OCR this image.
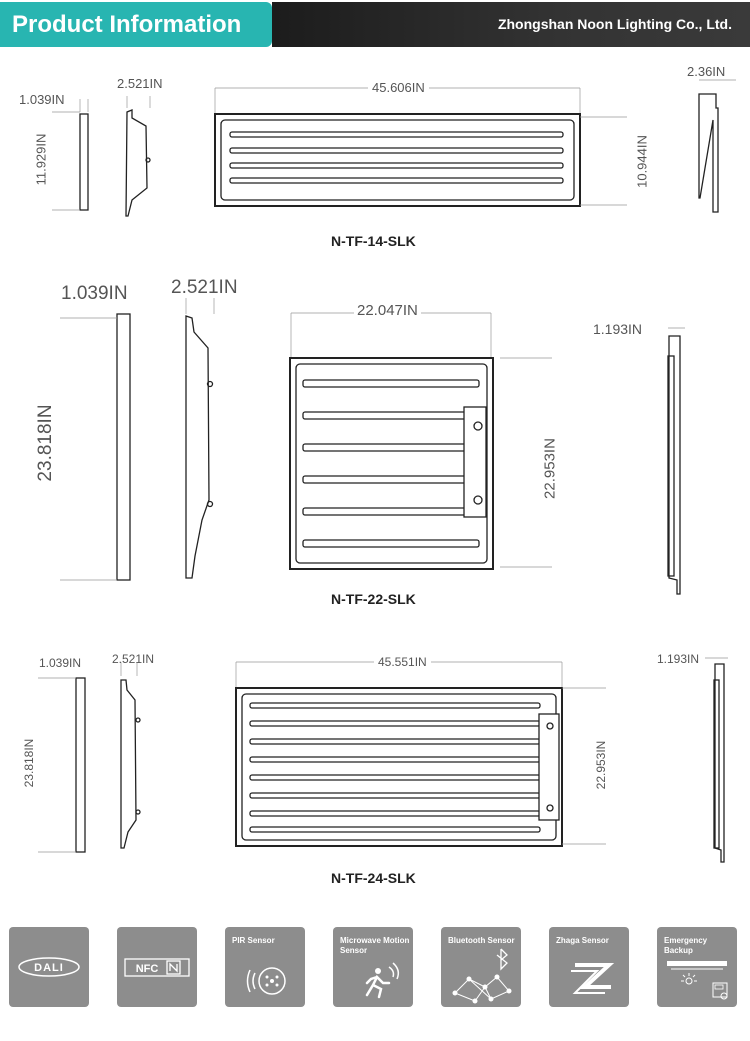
Product Information	Zhongshan Noon Lighting Co., Ltd.
1.039IN
11.929IN
2.521IN	45.606IN
10.944IN
2.36IN
N-TF-14-SLK
1.039IN
23.818IN
2.521IN
22.047IN
22.953IN
1.193IN
N-TF-22-SLK
1.039IN
23.818IN
2.521IN	45.551IN
22.953IN
1.193IN
N-TF-24-SLK
DALI	NFC
PIR Sensor	Microwave Motion Sensor
Bluetooth Sensor	Zhaga Sensor	Emergency Backup
